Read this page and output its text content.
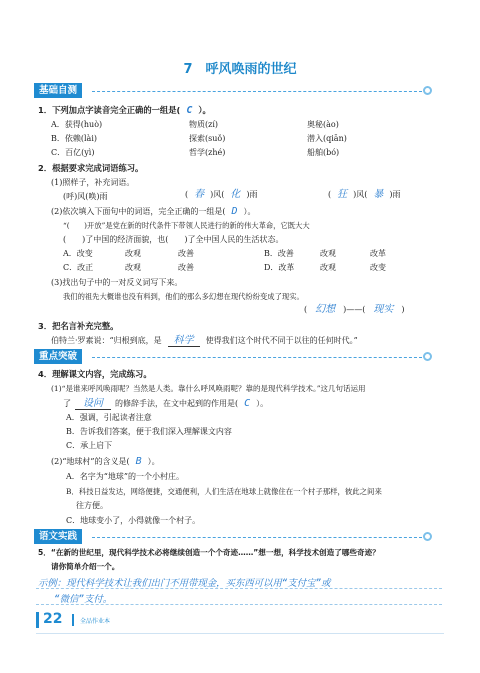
7　呼风唤雨的世纪
基础自测
1．下列加点字读音完全正确的一组是( C ）。
A．获得(huò)	物质(zí)	奥秘(ào)
B．依赖(lài)	探索(suǒ)	潜入(qiān)
C．百亿(yì)	哲学(zhé)	船舶(bó)
2．根据要求完成词语练习。
(1)照样子，补充词语。
(呼)风(唤)雨	( 春 )风( 化 )雨	( 狂 )风( 暴 )雨
(2)依次填入下面句中的词语，完全正确的一组是( D ）。
“(　　)开放”是党在新的时代条件下带领人民进行的新的伟大革命，它既大大
(　　)了中国的经济面貌，也(　　)了全中国人民的生活状态。
A．改变	改观	改善	B．改善	改观	改革
C．改正	改观	改善	D．改革	改观	改变
(3)找出句子中的一对反义词写下来。
我们的祖先大概谁也没有料到，他们的那么多幻想在现代纷纷变成了现实。
( 幻想 )——( 现实 )
3．把名言补充完整。
伯特兰·罗素说：“归根到底，是 科学 使得我们这个时代不同于以往的任何时代。”
重点突破
4．理解课文内容，完成练习。
(1)“是谁来呼风唤雨呢？当然是人类。靠什么呼风唤雨呢？靠的是现代科学技术。”这几句话运用
了 设问 的修辞手法，在文中起到的作用是( C ）。
A．强调，引起读者注意
B．告诉我们答案，便于我们深入理解课文内容
C．承上启下
(2)“地球村”的含义是( B ）。
A．名字为“地球”的一个小村庄。
B．科技日益发达，网络便捷，交通便利，人们生活在地球上就像住在一个村子那样，彼此之间来
往方便。
C．地球变小了，小得就像一个村子。
语文实践
5．“在新的世纪里，现代科学技术必将继续创造一个个奇迹……”想一想，科学技术创造了哪些奇迹？
请你简单介绍一个。
示例：现代科学技术让我们出门不用带现金，买东西可以用“支付宝”或
“微信”支付。
22	全品作业本
